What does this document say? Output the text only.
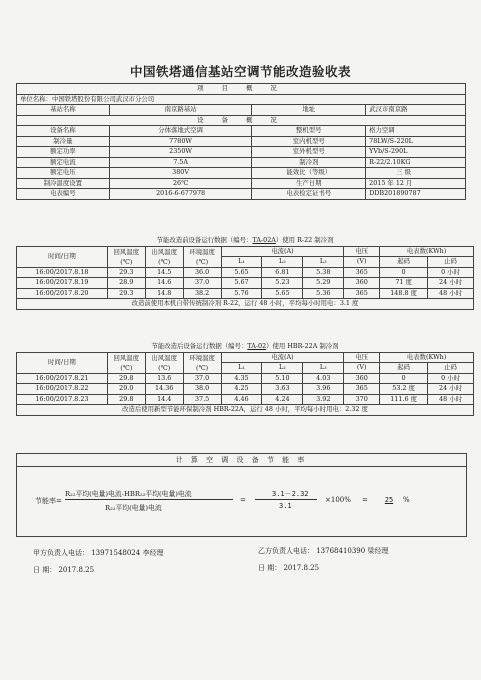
中国铁塔通信基站空调节能改造验收表
项 目 概 况			
单位名称：中国铁塔股份有限公司武汉市分公司			
基站名称	南京路基站	地址	武汉市南京路
设 备 概 况			
设备名称	分体落地式空调	整机型号	格力空调
制冷量	7780W	室内机型号	78LW/S-220L
额定功率	2350W	室外机型号	YVb/S-290L
额定电流	7.5A	制冷剂	R-22/2.10KG
额定电压	380V	能效比（等级）	三 级
制冷温度设置	26℃	生产日期	2015 年 12 月
电表编号	2016-6-677978	电表检定证书号	DDB201890787
节能改造前设备运行数据（编号：TA-02A）使用 R-22 制冷剂									
时间/日期	回风温度(℃)	出风温度(℃)	环境温度(℃)	电流(A)			电压	电表数(KWh)	
				L₁	L₂	L₃	(V)	起码	止码
16:00/2017.8.18	29.3	14.5	36.0	5.65	6.81	5.38	365	0	0 小时
16:00/2017.8.19	28.9	14.6	37.0	5.67	5.23	5.29	360	71 度	24 小时
16:00/2017.8.20	29.3	14.8	38.2	5.76	5.65	5.36	365	148.8 度	48 小时
改造前使用本机自带传统制冷剂 R-22，运行 48 小时，平均每小时用电：3.1 度									
节能改造后设备运行数据（编号：TA-02）使用 HBR-22A 制冷剂									
时间/日期	回风温度(℃)	出风温度(℃)	环境温度(℃)	电流(A)			电压	电表数(KWh)	
				L₁	L₂	L₃	(V)	起码	止码
16:00/2017.8.21	29.8	13.6	37.0	4.35	5.10	4.03	360	0	0 小时
16:00/2017.8.22	29.0	14.36	38.0	4.25	3.63	3.96	365	53.2 度	24 小时
16:00/2017.8.23	29.8	14.4	37.5	4.46	4.24	3.92	370	111.6 度	48 小时
改造后使用新型节能环保制冷剂 HBR-22A，运行 48 小时，平均每小时用电：2.32 度									
计 算 空 调 设 备 节 能 率
节能率=
R₂₂平均(电量)电流-HBR₂₂平均(电量)电流
R₂₂平均(电量)电流
=
3.1－2.32
3.1
×100% =	25	%
甲方负责人电话： 13971548024 李经理
日 期： 2017.8.25
乙方负责人电话： 13768410390 梁经理
日 期： 2017.8.25
